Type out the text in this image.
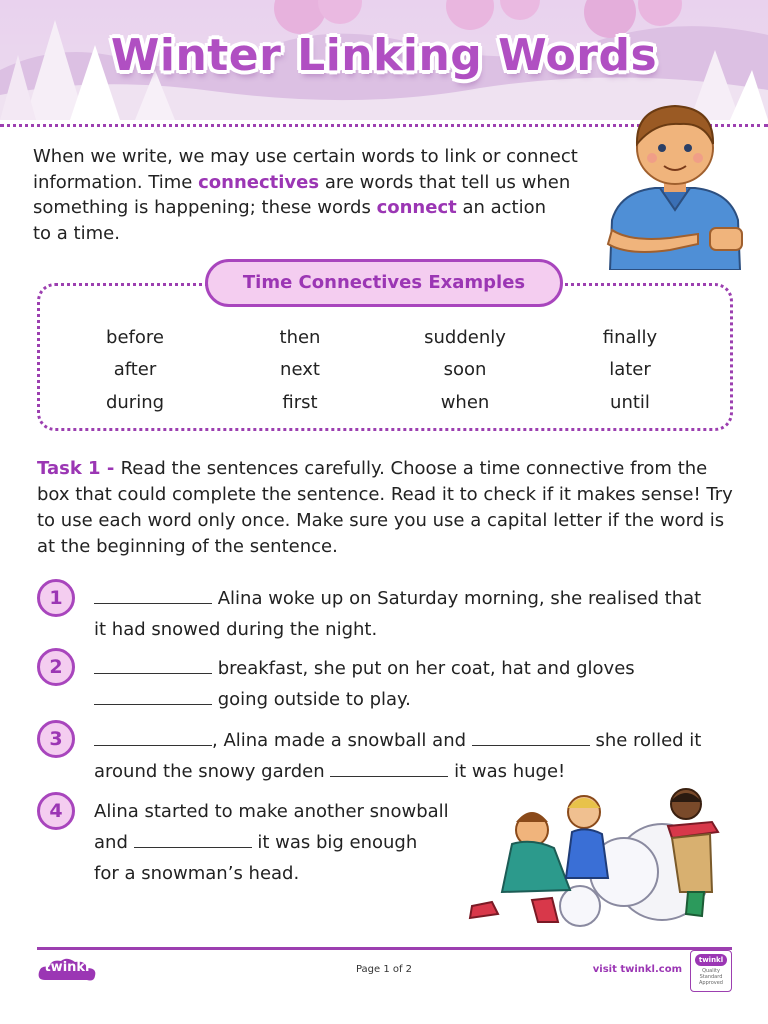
Winter Linking Words
When we write, we may use certain words to link or connect
information. Time connectives are words that tell us when
something is happening; these words connect an action
to a time.
Time Connectives Examples
before	then	suddenly	finally
after	next	soon	later
during	first	when	until
Task 1 - Read the sentences carefully. Choose a time connective from the box that could complete the sentence. Read it to check if it makes sense! Try to use each word only once. Make sure you use a capital letter if the word is at the beginning of the sentence.
1	Alina woke up on Saturday morning, she realised that
it had snowed during the night.
2	breakfast, she put on her coat, hat and gloves
going outside to play.
3	, Alina made a snowball and	she rolled it
around the snowy garden	it was huge!
4	Alina started to make another snowball
and	it was big enough
for a snowman’s head.
twinkl	Page 1 of 2	visit twinkl.com
twinkl
Quality Standard Approved
